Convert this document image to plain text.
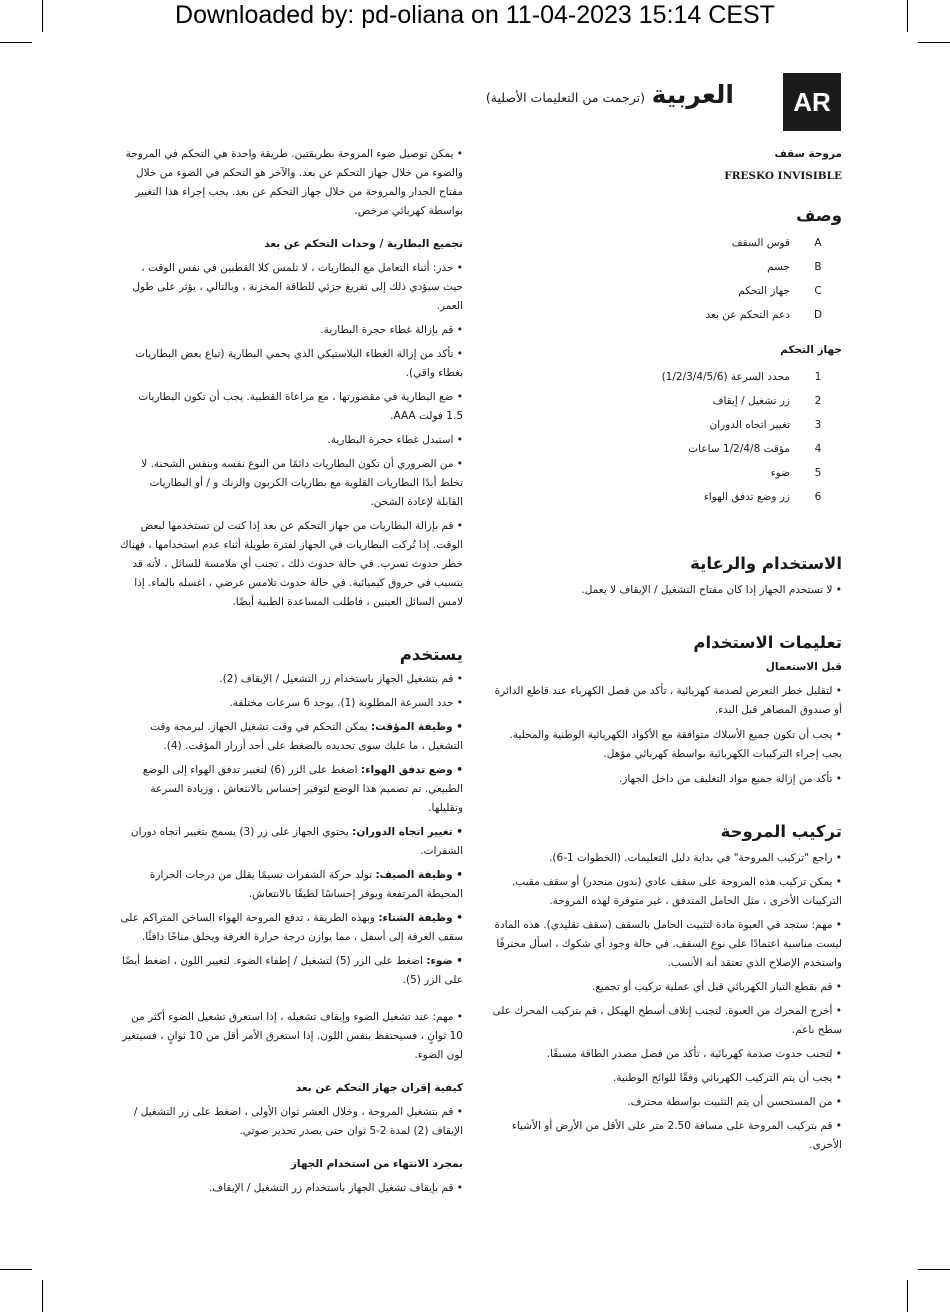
Downloaded by: pd-oliana on 11-04-2023 15:14 CEST
AR
العربية
(ترجمت من التعليمات الأصلية)

مروحة سقف

FRESKO INVISIBLE

وصف

A
قوس السقف
B
جسم
C
جهاز التحكم
D
دعم التحكم عن بعد

جهاز التحكم

1
محدد السرعة (1/2/3/4/5/6)
2
زر تشغيل / إيقاف
3
تغيير اتجاه الدوران
4
مؤقت 1/2/4/8 ساعات
5
ضوء
6
زر وضع تدفق الهواء

الاستخدام والرعاية

• لا تستخدم الجهاز إذا كان مفتاح التشغيل / الإيقاف لا يعمل.

تعليمات الاستخدام

قبل الاستعمال

• لتقليل خطر التعرض لصدمة كهربائية ، تأكد من فصل الكهرباء عند قاطع الدائرة أو صندوق المصاهر قبل البدء.

• يجب أن تكون جميع الأسلاك متوافقة مع الأكواد الكهربائية الوطنية والمحلية. يجب إجراء التركيبات الكهربائية بواسطة كهربائي مؤهل.

• تأكد من إزالة جميع مواد التغليف من داخل الجهاز.

تركيب المروحة

• راجع "تركيب المروحة" في بداية دليل التعليمات. (الخطوات 1-6).

• يمكن تركيب هذه المروحة على سقف عادي (بدون منحدر) أو سقف مقبب. التركيبات الأخرى ، مثل الحامل المتدفق ، غير متوفرة لهذه المروحة.

• مهم: ستجد في العبوة مادة لتثبيت الحامل بالسقف (سقف تقليدي). هذه المادة ليست مناسبة اعتمادًا على نوع السقف. في حالة وجود أي شكوك ، اسأل محترفًا واستخدم الإصلاح الذي تعتقد أنه الأنسب.

• قم بقطع التيار الكهربائي قبل أي عملية تركيب أو تجميع.

• أخرج المحرك من العبوة. لتجنب إتلاف أسطح الهيكل ، قم بتركيب المحرك على سطح ناعم.

• لتجنب حدوث صدمة كهربائية ، تأكد من فصل مصدر الطاقة مسبقًا.

• يجب أن يتم التركيب الكهربائي وفقًا للوائح الوطنية.

• من المستحسن أن يتم التثبيت بواسطة محترف.

• قم بتركيب المروحة على مسافة 2.50 متر على الأقل من الأرض أو الأشياء الأخرى.

• يمكن توصيل ضوء المروحة بطريقتين. طريقة واحدة هي التحكم في المروحة والضوء من خلال جهاز التحكم عن بعد. والآخر هو التحكم في الضوء من خلال مفتاح الجدار والمروحة من خلال جهاز التحكم عن بعد. يجب إجراء هذا التغيير بواسطة كهربائي مرخص.

تجميع البطارية / وحدات التحكم عن بعد

• حذر: أثناء التعامل مع البطاريات ، لا تلمس كلا القطبين في نفس الوقت ، حيث سيؤدي ذلك إلى تفريغ جزئي للطاقة المخزنة ، وبالتالي ، يؤثر على طول العمر.

• قم بإزالة غطاء حجرة البطارية.

• تأكد من إزالة الغطاء البلاستيكي الذي يحمي البطارية (تباع بعض البطاريات بغطاء واقي).

• ضع البطارية في مقصورتها ، مع مراعاة القطبية. يجب أن تكون البطاريات 1.5 فولت AAA.

• استبدل غطاء حجرة البطارية.

• من الضروري أن تكون البطاريات دائمًا من النوع نفسه وبنفس الشحنة. لا تخلط أبدًا البطاريات القلوية مع بطاريات الكربون والزنك و / أو البطاريات القابلة لإعادة الشحن.

• قم بإزالة البطاريات من جهاز التحكم عن بعد إذا كنت لن تستخدمها لبعض الوقت. إذا تُركت البطاريات في الجهاز لفترة طويلة أثناء عدم استخدامها ، فهناك خطر حدوث تسرب. في حالة حدوث ذلك ، تجنب أي ملامسة للسائل ، لأنه قد يتسبب في حروق كيميائية. في حالة حدوث تلامس عرضي ، اغسله بالماء. إذا لامس السائل العينين ، فاطلب المساعدة الطبية أيضًا.

يستخدم

• قم بتشغيل الجهاز باستخدام زر التشغيل / الإيقاف (2).

• حدد السرعة المطلوبة (1). يوجد 6 سرعات مختلفة.

• وظيفة المؤقت: يمكن التحكم في وقت تشغيل الجهاز. لبرمجة وقت التشغيل ، ما عليك سوى تحديده بالضغط على أحد أزرار المؤقت. (4).

• وضع تدفق الهواء: اضغط على الزر (6) لتغيير تدفق الهواء إلى الوضع الطبيعي. تم تصميم هذا الوضع لتوفير إحساس بالانتعاش ، وزيادة السرعة وتقليلها.

• تغيير اتجاه الدوران: يحتوي الجهاز على زر (3) يسمح بتغيير اتجاه دوران الشفرات.

• وظيفة الصيف: تولد حركة الشفرات نسيمًا يقلل من درجات الحرارة المحيطة المرتفعة ويوفر إحساسًا لطيفًا بالانتعاش.

• وظيفة الشتاء: وبهذه الطريقة ، تدفع المروحة الهواء الساخن المتراكم على سقف الغرفة إلى أسفل ، مما يوازن درجة حرارة الغرفة ويخلق مناخًا دافئًا.

• ضوء: اضغط على الزر (5) لتشغيل / إطفاء الضوء. لتغيير اللون ، اضغط أيضًا على الزر (5).

• مهم: عند تشغيل الضوء وإيقاف تشغيله ، إذا استغرق تشغيل الضوء أكثر من 10 ثوانٍ ، فسيحتفظ بنفس اللون. إذا استغرق الأمر أقل من 10 ثوانٍ ، فسيتغير لون الضوء.

كيفية إقران جهاز التحكم عن بعد

• قم بتشغيل المروحة ، وخلال العشر ثوان الأولى ، اضغط على زر التشغيل / الإيقاف (2) لمدة 2-5 ثوان حتى يصدر تحذير صوتي.

بمجرد الانتهاء من استخدام الجهاز

• قم بإيقاف تشغيل الجهاز باستخدام زر التشغيل / الإيقاف.
